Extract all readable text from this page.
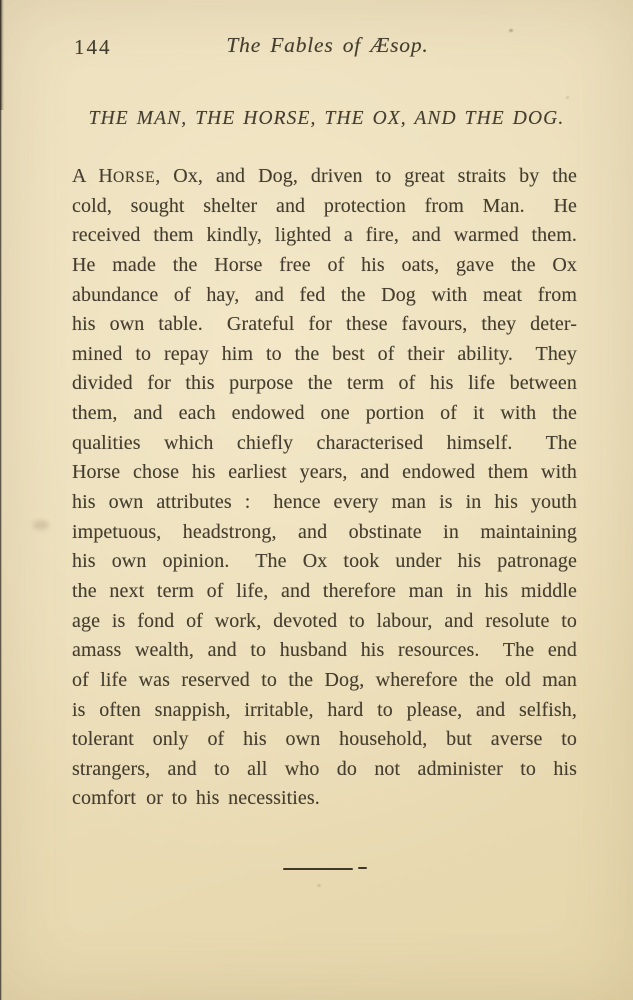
144	The Fables of Æsop.
THE MAN, THE HORSE, THE OX, AND THE DOG.
A HORSE, Ox, and Dog, driven to great straits by the
cold, sought shelter and protection from Man.  He
received them kindly, lighted a fire, and warmed them.
He made the Horse free of his oats, gave the Ox
abundance of hay, and fed the Dog with meat from
his own table.  Grateful for these favours, they deter-
mined to repay him to the best of their ability.  They
divided for this purpose the term of his life between
them, and each endowed one portion of it with the
qualities which chiefly characterised himself.  The
Horse chose his earliest years, and endowed them with
his own attributes :  hence every man is in his youth
impetuous, headstrong, and obstinate in maintaining
his own opinion.  The Ox took under his patronage
the next term of life, and therefore man in his middle
age is fond of work, devoted to labour, and resolute to
amass wealth, and to husband his resources.  The end
of life was reserved to the Dog, wherefore the old man
is often snappish, irritable, hard to please, and selfish,
tolerant only of his own household, but averse to
strangers, and to all who do not administer to his
comfort or to his necessities.
